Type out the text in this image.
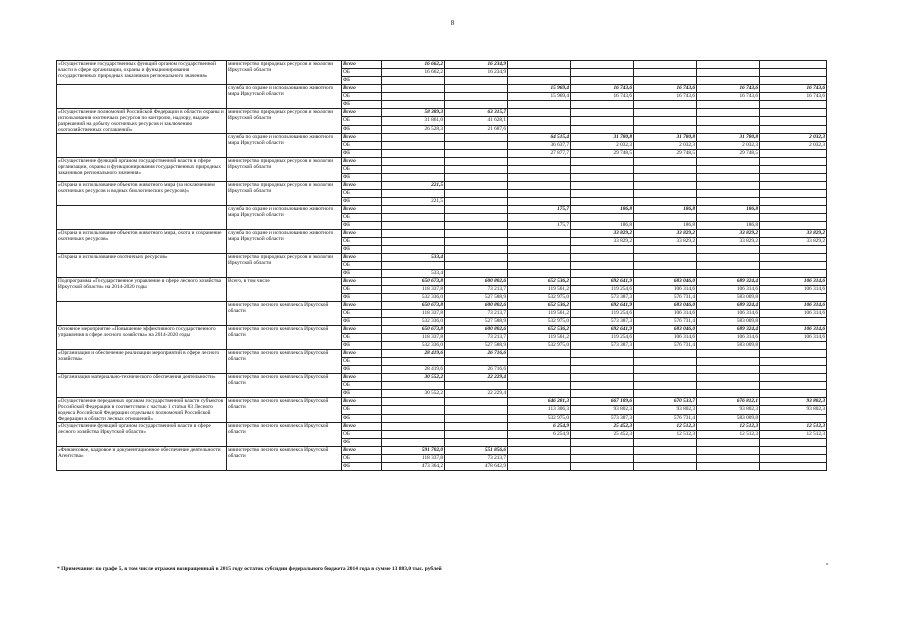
8
«Осуществление государственных функций органом государственной власти в сфере организации, охраны и функционирования государственных природных заказников регионального значения»	министерство природных ресурсов и экологии Иркутской области	Всего	16 662,2	16 234,9					
		ОБ	16 662,2	16 234,9					
		ФБ							
	служба по охране и использованию животного мира Иркутской области	Всего			15 969,4	16 743,6	16 743,6	16 743,6	16 743,6
		ОБ			15 969,4	16 743,6	16 743,6	16 743,6	16 743,6
		ФБ							
«Осуществление полномочий Российской Федерации в области охраны и использования охотничьих ресурсов по контролю, надзору, выдаче разрешений на добычу охотничьих ресурсов и заключению охотхозяйственных соглашений»	министерство природных ресурсов и экологии Иркутской области	Всего	58 389,3	63 315,7					
		ОБ	31 861,0	41 628,1					
		ФБ	26 528,3	21 687,6					
	служба по охране и использованию животного мира Иркутской области	Всего			64 515,4	31 780,8	31 780,8	31 780,8	2 032,3
		ОБ			36 637,7	2 032,3	2 032,3	2 032,3	2 032,3
		ФБ			27 877,7	29 748,5	29 748,5	29 748,5	
«Осуществление функций органом государственной власти в сфере организации, охраны и функционирования государственных природных заказников регионального значения»	министерство природных ресурсов и экологии Иркутской области	Всего							
		ОБ							
		ФБ							
«Охрана и использование объектов животного мира (за исключением охотничьих ресурсов и водных биологических ресурсов)»	министерство природных ресурсов и экологии Иркутской области	Всего	221,5						
		ОБ							
		ФБ	221,5						
	служба по охране и использованию животного мира Иркутской области	Всего			175,7	186,8	186,8	186,8	
		ОБ							
		ФБ			175,7	186,8	186,8	186,8	
«Охрана и использование объектов животного мира, охота и сохранение охотничьих ресурсов»	служба по охране и использованию животного мира Иркутской области	Всего				33 829,2	33 829,2	33 829,2	33 829,2
		ОБ				33 829,2	33 829,2	33 829,2	33 829,2
		ФБ							
«Охрана и использование охотничьих ресурсов»	министерство природных ресурсов и экологии Иркутской области	Всего	533,4						
		ОБ							
		ФБ	533,4						
Подпрограмма «Государственное управление в сфере лесного хозяйства Иркутской области» на 2014-2020 годы	Всего, в том числе	Всего	650 673,8	600 802,6	652 536,2	692 641,9	683 046,0	689 324,4	106 314,6
		ОБ	118 337,8	73 213,7	119 561,2	119 254,6	106 314,6	106 314,6	106 314,6
		ФБ	532 336,0	527 588,9	532 975,0	573 387,3	576 731,4	583 009,8	
	министерство лесного комплекса Иркутской области	Всего	650 673,8	600 802,6	652 536,2	692 641,9	683 046,0	689 324,4	106 314,6
		ОБ	118 337,8	73 213,7	119 561,2	119 254,6	106 314,6	106 314,6	106 314,6
		ФБ	532 336,0	527 588,9	532 975,0	573 387,3	576 731,4	583 009,8	
Основное мероприятие «Повышение эффективного государственного управления в сфере лесного хозяйства» на 2014-2020 годы	министерство лесного комплекса Иркутской области	Всего	650 673,8	600 802,6	652 536,2	692 641,9	683 046,0	689 324,4	106 314,6
		ОБ	118 337,8	73 213,7	119 561,2	119 254,6	106 314,6	106 314,6	106 314,6
		ФБ	532 336,0	527 588,9	532 975,0	573 387,3	576 731,4	583 009,8	
«Организация и обеспечение реализации мероприятий в сфере лесного хозяйства»	министерство лесного комплекса Иркутской области	Всего	28 419,6	26 716,6					
		ОБ							
		ФБ	28 419,6	26 716,6					
«Организация материально-технического обеспечения деятельности»	министерство лесного комплекса Иркутской области	Всего	30 552,2	22 229,4					
		ОБ							
		ФБ	30 552,2	22 229,4					
«Осуществление переданных органам государственной власти субъектов Российской Федерации в соответствии с частью 1 статьи 83 Лесного кодекса Российской Федерации отдельных полномочий Российской Федерации в области лесных отношений»	министерство лесного комплекса Иркутской области	Всего			646 281,3	667 189,6	670 533,7	676 812,1	93 802,3
		ОБ			113 306,3	93 802,3	93 802,3	93 802,3	93 802,3
		ФБ			532 975,0	573 387,3	576 731,4	583 009,8	
«Осуществление функций органом государственной власти в сфере лесного хозяйства Иркутской области»	министерство лесного комплекса Иркутской области	Всего			6 254,9	25 452,3	12 512,3	12 512,3	12 512,3
		ОБ			6 254,9	25 452,3	12 512,3	12 512,3	12 512,3
		ФБ							
«Финансовое, кадровое и документационное обеспечение деятельности Агентства»	министерство лесного комплекса Иркутской области	Всего	591 702,0	551 856,6					
		ОБ	118 337,8	73 213,7					
		ФБ	473 364,2	478 642,9					
* Примечание: по графе 5, в том числе отражен возвращенный в 2015 году остаток субсидии федерального бюджета 2014 года в сумме 13 883,0 тыс. рублей
»
